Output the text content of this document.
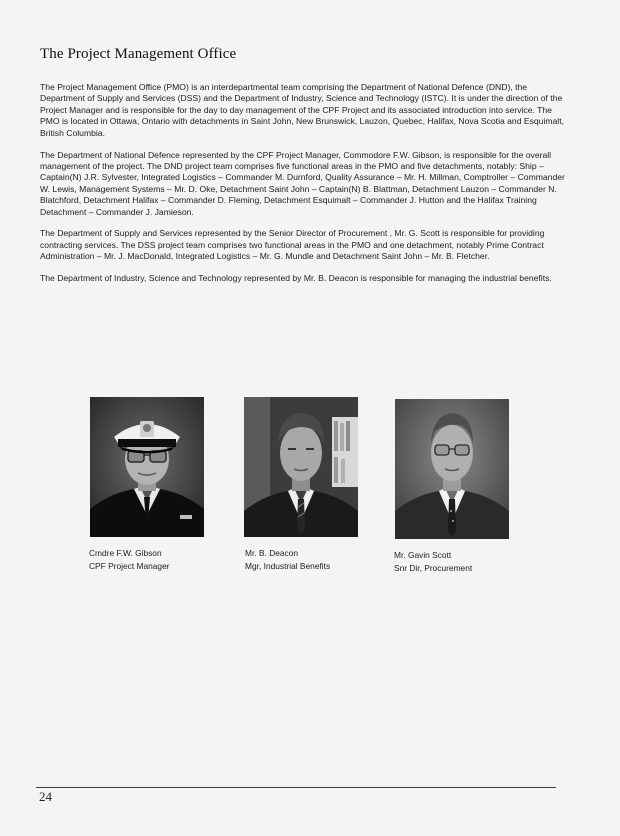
The Project Management Office

The Project Management Office (PMO) is an interdepartmental team comprising the Department of National Defence (DND), the Department of Supply and Services (DSS) and the Department of Industry, Science and Technology (ISTC). It is under the direction of the Project Manager and is responsible for the day to day management of the CPF Project and its associated introduction into service. The PMO is located in Ottawa, Ontario with detachments in Saint John, New Brunswick, Lauzon, Quebec, Halifax, Nova Scotia and Esquimalt, British Columbia.

The Department of National Defence represented by the CPF Project Manager, Commodore F.W. Gibson, is responsible for the overall management of the project. The DND project team comprises five functional areas in the PMO and five detachments, notably: Ship – Captain(N) J.R. Sylvester, Integrated Logistics – Commander M. Durnford, Quality Assurance – Mr. H. Millman, Comptroller – Commander W. Lewis, Management Systems – Mr. D. Oke, Detachment Saint John – Captain(N) B. Blattman, Detachment Lauzon – Commander N. Blatchford, Detachment Halifax – Commander D. Fleming, Detachment Esquimalt – Commander J. Hutton and the Halifax Training Detachment – Commander J. Jamieson.

The Department of Supply and Services represented by the Senior Director of Procurement , Mr. G. Scott is responsible for providing contracting services. The DSS project team comprises two functional areas in the PMO and one detachment, notably Prime Contract Administration – Mr. J. MacDonald, Integrated Logistics – Mr. G. Mundle and Detachment Saint John – Mr. B. Fletcher.

The Department of Industry, Science and Technology represented by Mr. B. Deacon is responsible for managing the industrial benefits.

Cmdre F.W. Gibson
CPF Project Manager
Mr. B. Deacon
Mgr, Industrial Benefits
Mr. Gavin Scott
Snr Dir, Procurement
24
